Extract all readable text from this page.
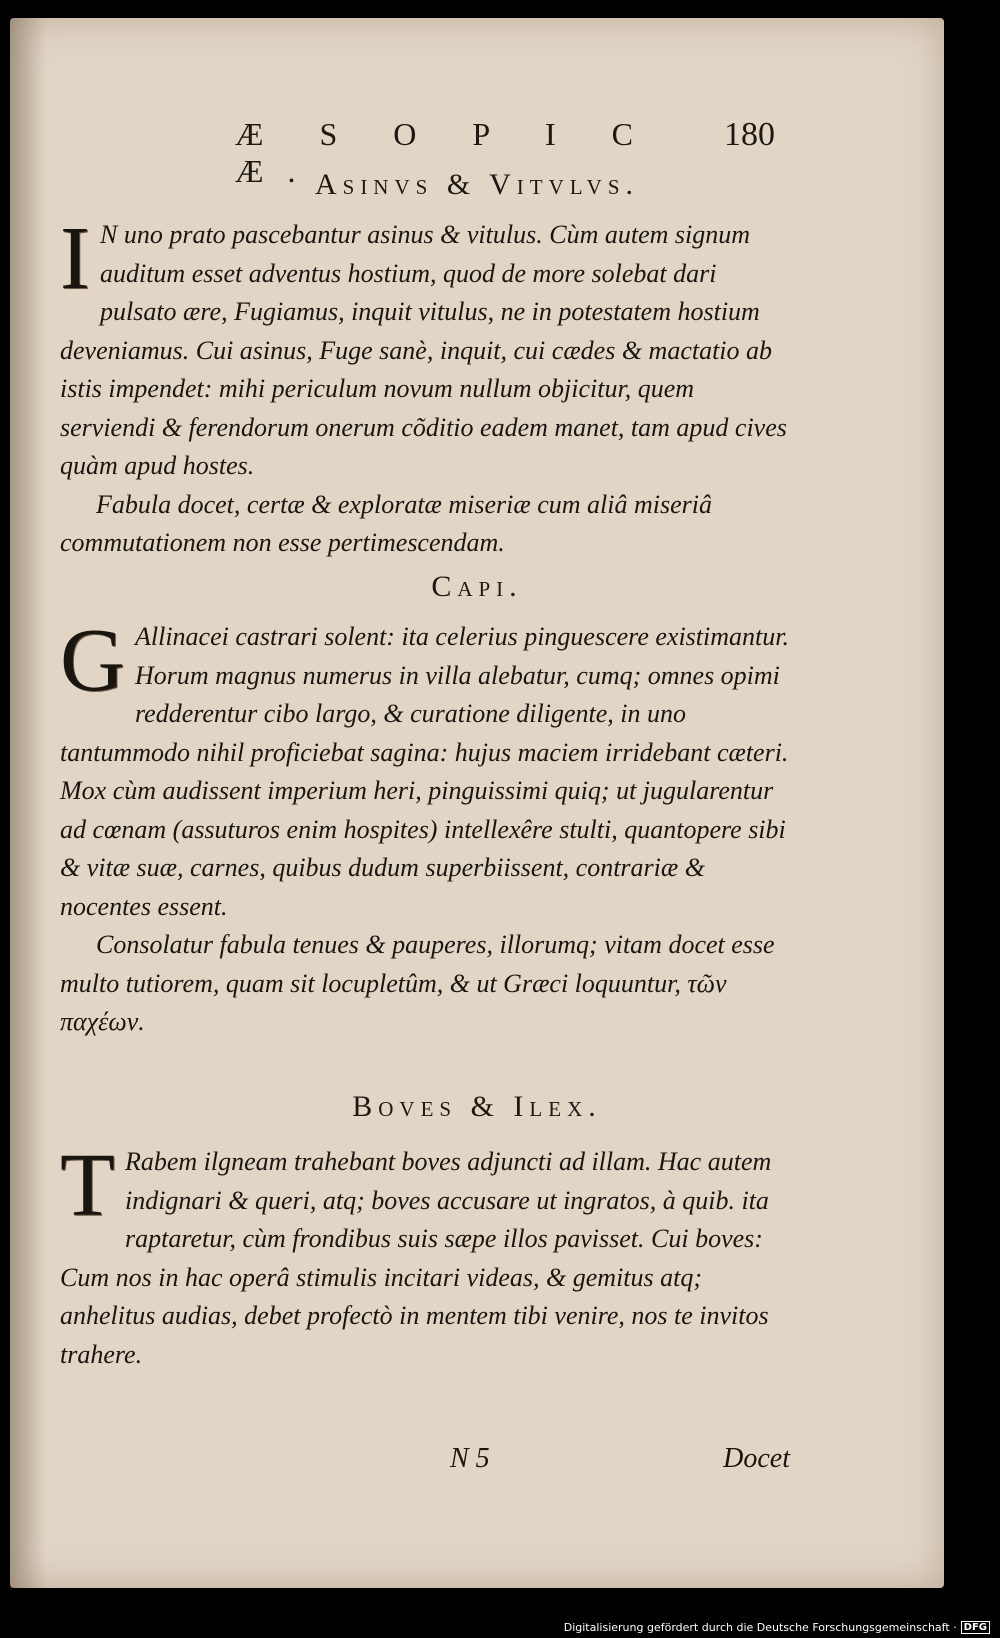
Æ S O P I C Æ.
180
Asinvs & Vitvlvs.

I N uno prato pascebantur asinus & vitulus. Cùm autem signum auditum esset adventus hostium, quod de more solebat dari pulsato ære, Fugiamus, inquit vitulus, ne in potestatem hostium deveniamus. Cui asinus, Fuge sanè, inquit, cui cædes & mactatio ab istis impendet: mihi periculum novum nullum objicitur, quem serviendi & ferendorum onerum cõditio eadem manet, tam apud cives quàm apud hostes.

Fabula docet, certæ & exploratæ miseriæ cum aliâ miseriâ commutationem non esse pertimescendam.

Capi.

G Allinacei castrari solent: ita celerius pinguescere existimantur. Horum magnus numerus in villa alebatur, cumq; omnes opimi redderentur cibo largo, & curatione diligente, in uno tantummodo nihil proficiebat sagina: hujus maciem irridebant cæteri. Mox cùm audissent imperium heri, pinguissimi quiq; ut jugularentur ad cœnam (assuturos enim hospites) intellexêre stulti, quantopere sibi & vitæ suæ, carnes, quibus dudum superbiissent, contrariæ & nocentes essent.

Consolatur fabula tenues & pauperes, illorumq; vitam docet esse multo tutiorem, quam sit locupletûm, & ut Græci loquuntur, τῶν παχέων.

Boves & Ilex.

T Rabem ilgneam trahebant boves adjuncti ad illam. Hac autem indignari & queri, atq; boves accusare ut ingratos, à quib. ita raptaretur, cùm frondibus suis sæpe illos pavisset. Cui boves: Cum nos in hac operâ stimulis incitari videas, & gemitus atq; anhelitus audias, debet profectò in mentem tibi venire, nos te invitos trahere.

N 5	Docet
Digitalisierung gefördert durch die Deutsche Forschungsgemeinschaft · DFG
